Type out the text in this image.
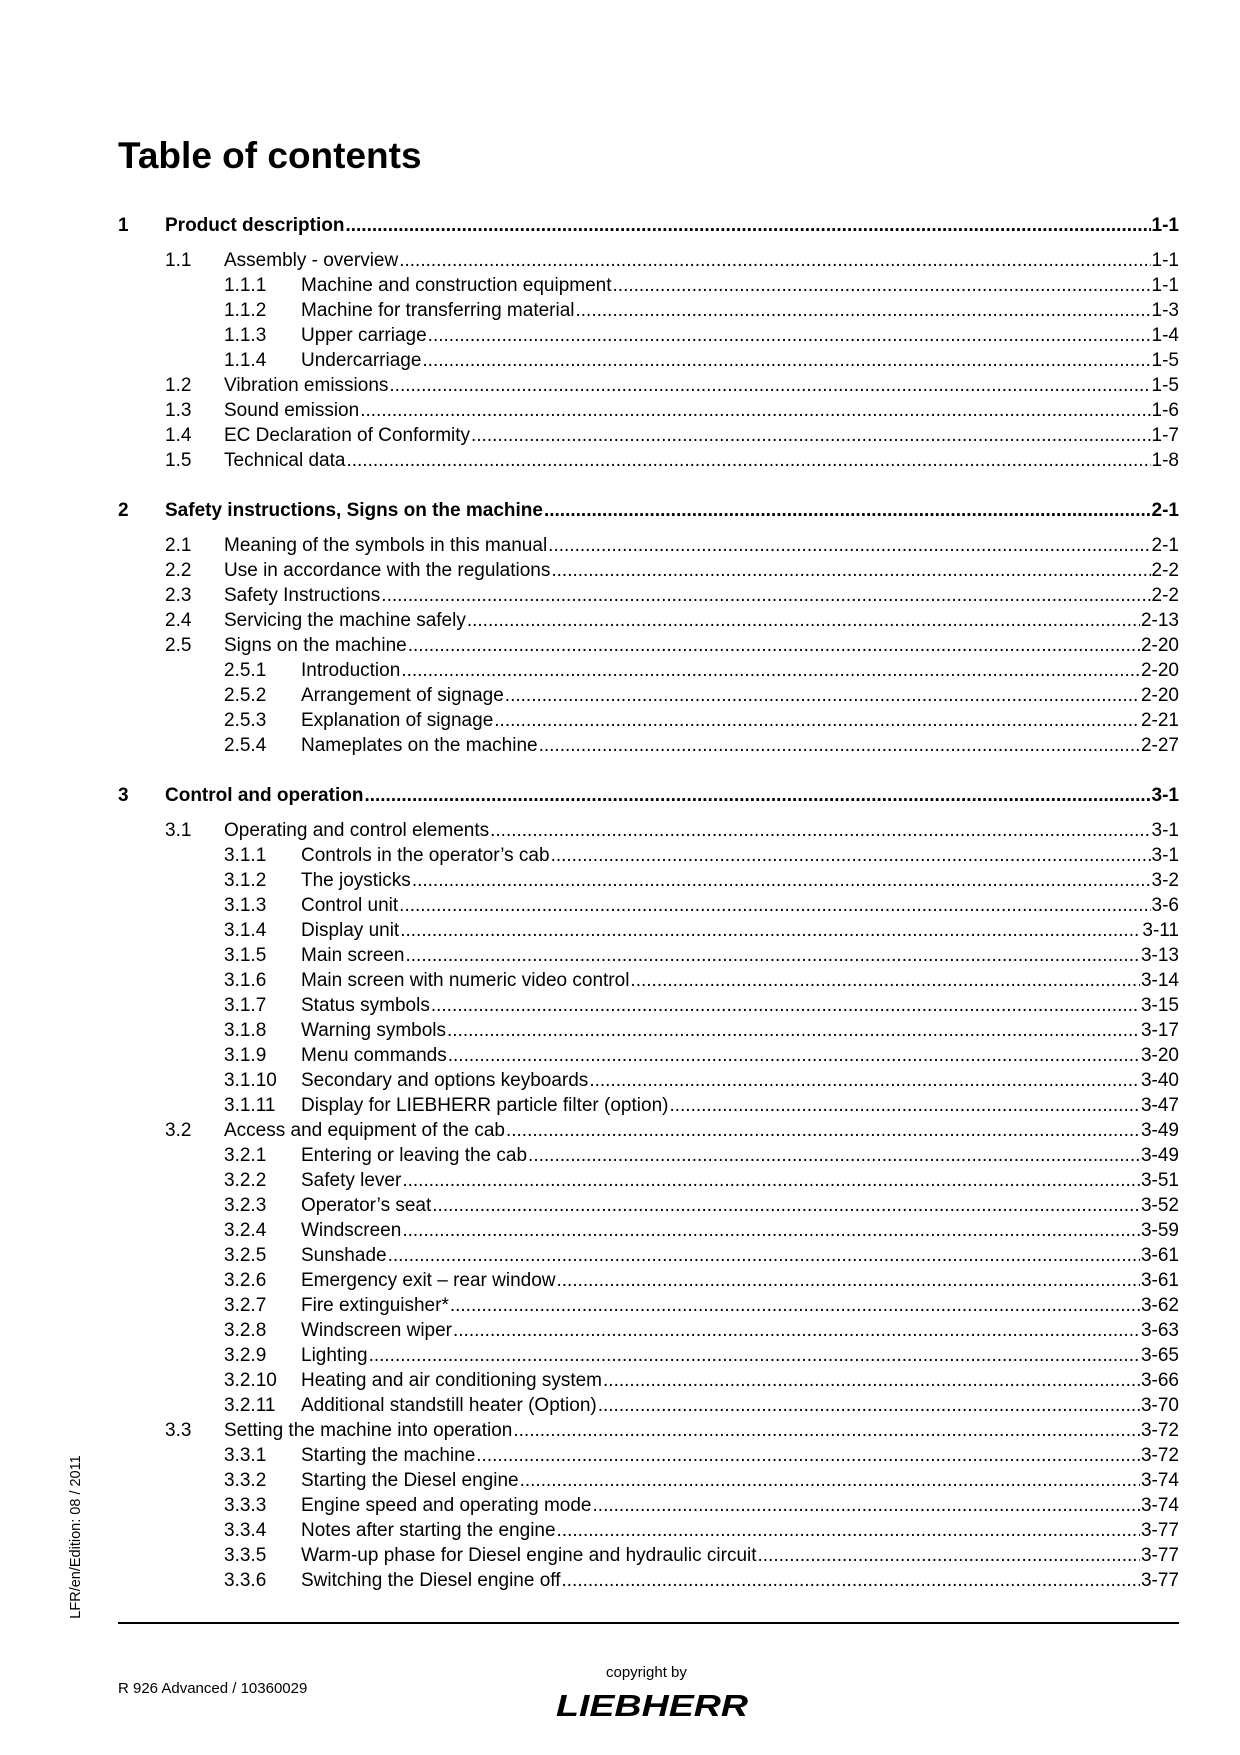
Table of contents
1 Product description .....	1-1
1.1 Assembly - overview .....	1-1
1.1.1 Machine and construction equipment .....	1-1
1.1.2 Machine for transferring material .....	1-3
1.1.3 Upper carriage .....	1-4
1.1.4 Undercarriage .....	1-5
1.2 Vibration emissions .....	1-5
1.3 Sound emission .....	1-6
1.4 EC Declaration of Conformity .....	1-7
1.5 Technical data .....	1-8
2 Safety instructions, Signs on the machine .....	2-1
2.1 Meaning of the symbols in this manual .....	2-1
2.2 Use in accordance with the regulations .....	2-2
2.3 Safety Instructions .....	2-2
2.4 Servicing the machine safely .....	2-13
2.5 Signs on the machine .....	2-20
2.5.1 Introduction .....	2-20
2.5.2 Arrangement of signage .....	2-20
2.5.3 Explanation of signage .....	2-21
2.5.4 Nameplates on the machine .....	2-27
3 Control and operation .....	3-1
3.1 Operating and control elements .....	3-1
3.1.1 Controls in the operator’s cab .....	3-1
3.1.2 The joysticks .....	3-2
3.1.3 Control unit .....	3-6
3.1.4 Display unit .....	3-11
3.1.5 Main screen .....	3-13
3.1.6 Main screen with numeric video control .....	3-14
3.1.7 Status symbols .....	3-15
3.1.8 Warning symbols .....	3-17
3.1.9 Menu commands .....	3-20
3.1.10 Secondary and options keyboards .....	3-40
3.1.11 Display for LIEBHERR particle filter (option) .....	3-47
3.2 Access and equipment of the cab .....	3-49
3.2.1 Entering or leaving the cab .....	3-49
3.2.2 Safety lever .....	3-51
3.2.3 Operator’s seat .....	3-52
3.2.4 Windscreen .....	3-59
3.2.5 Sunshade .....	3-61
3.2.6 Emergency exit – rear window .....	3-61
3.2.7 Fire extinguisher* .....	3-62
3.2.8 Windscreen wiper .....	3-63
3.2.9 Lighting .....	3-65
3.2.10 Heating and air conditioning system .....	3-66
3.2.11 Additional standstill heater (Option) .....	3-70
3.3 Setting the machine into operation .....	3-72
3.3.1 Starting the machine .....	3-72
3.3.2 Starting the Diesel engine .....	3-74
3.3.3 Engine speed and operating mode .....	3-74
3.3.4 Notes after starting the engine .....	3-77
3.3.5 Warm-up phase for Diesel engine and hydraulic circuit .....	3-77
3.3.6 Switching the Diesel engine off .....	3-77
LFR/en/Edition: 08 / 2011
R 926 Advanced / 10360029
copyright by
LIEBHERR
